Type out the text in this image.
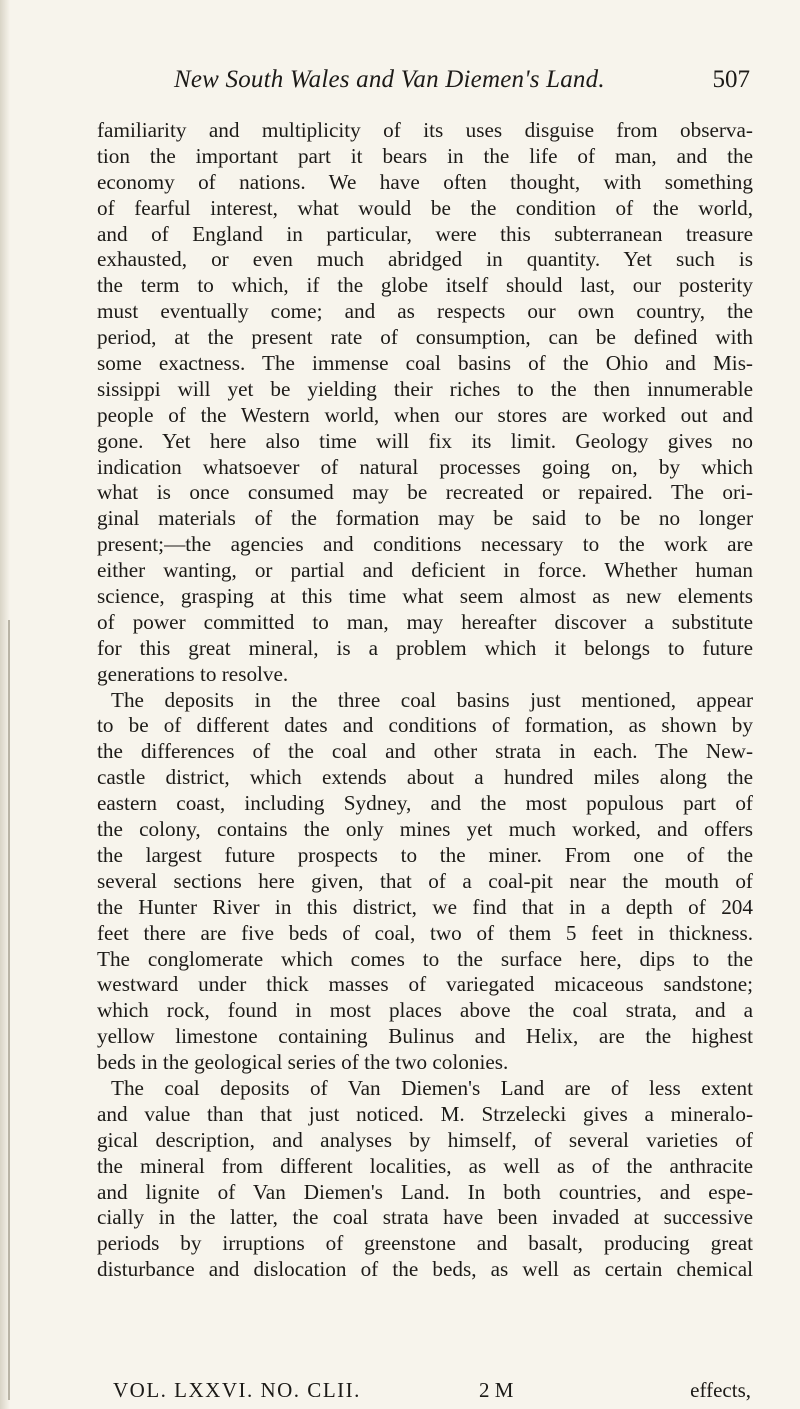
New South Wales and Van Diemen's Land.	507
familiarity and multiplicity of its uses disguise from observa-
tion the important part it bears in the life of man, and the
economy of nations. We have often thought, with something
of fearful interest, what would be the condition of the world,
and of England in particular, were this subterranean treasure
exhausted, or even much abridged in quantity. Yet such is
the term to which, if the globe itself should last, our posterity
must eventually come; and as respects our own country, the
period, at the present rate of consumption, can be defined with
some exactness. The immense coal basins of the Ohio and Mis-
sissippi will yet be yielding their riches to the then innumerable
people of the Western world, when our stores are worked out and
gone. Yet here also time will fix its limit. Geology gives no
indication whatsoever of natural processes going on, by which
what is once consumed may be recreated or repaired. The ori-
ginal materials of the formation may be said to be no longer
present;—the agencies and conditions necessary to the work are
either wanting, or partial and deficient in force. Whether human
science, grasping at this time what seem almost as new elements
of power committed to man, may hereafter discover a substitute
for this great mineral, is a problem which it belongs to future
generations to resolve.
The deposits in the three coal basins just mentioned, appear
to be of different dates and conditions of formation, as shown by
the differences of the coal and other strata in each. The New-
castle district, which extends about a hundred miles along the
eastern coast, including Sydney, and the most populous part of
the colony, contains the only mines yet much worked, and offers
the largest future prospects to the miner. From one of the
several sections here given, that of a coal-pit near the mouth of
the Hunter River in this district, we find that in a depth of 204
feet there are five beds of coal, two of them 5 feet in thickness.
The conglomerate which comes to the surface here, dips to the
westward under thick masses of variegated micaceous sandstone;
which rock, found in most places above the coal strata, and a
yellow limestone containing Bulinus and Helix, are the highest
beds in the geological series of the two colonies.
The coal deposits of Van Diemen's Land are of less extent
and value than that just noticed. M. Strzelecki gives a mineralo-
gical description, and analyses by himself, of several varieties of
the mineral from different localities, as well as of the anthracite
and lignite of Van Diemen's Land. In both countries, and espe-
cially in the latter, the coal strata have been invaded at successive
periods by irruptions of greenstone and basalt, producing great
disturbance and dislocation of the beds, as well as certain chemical
VOL. LXXVI. NO. CLII.	2 M	effects,
